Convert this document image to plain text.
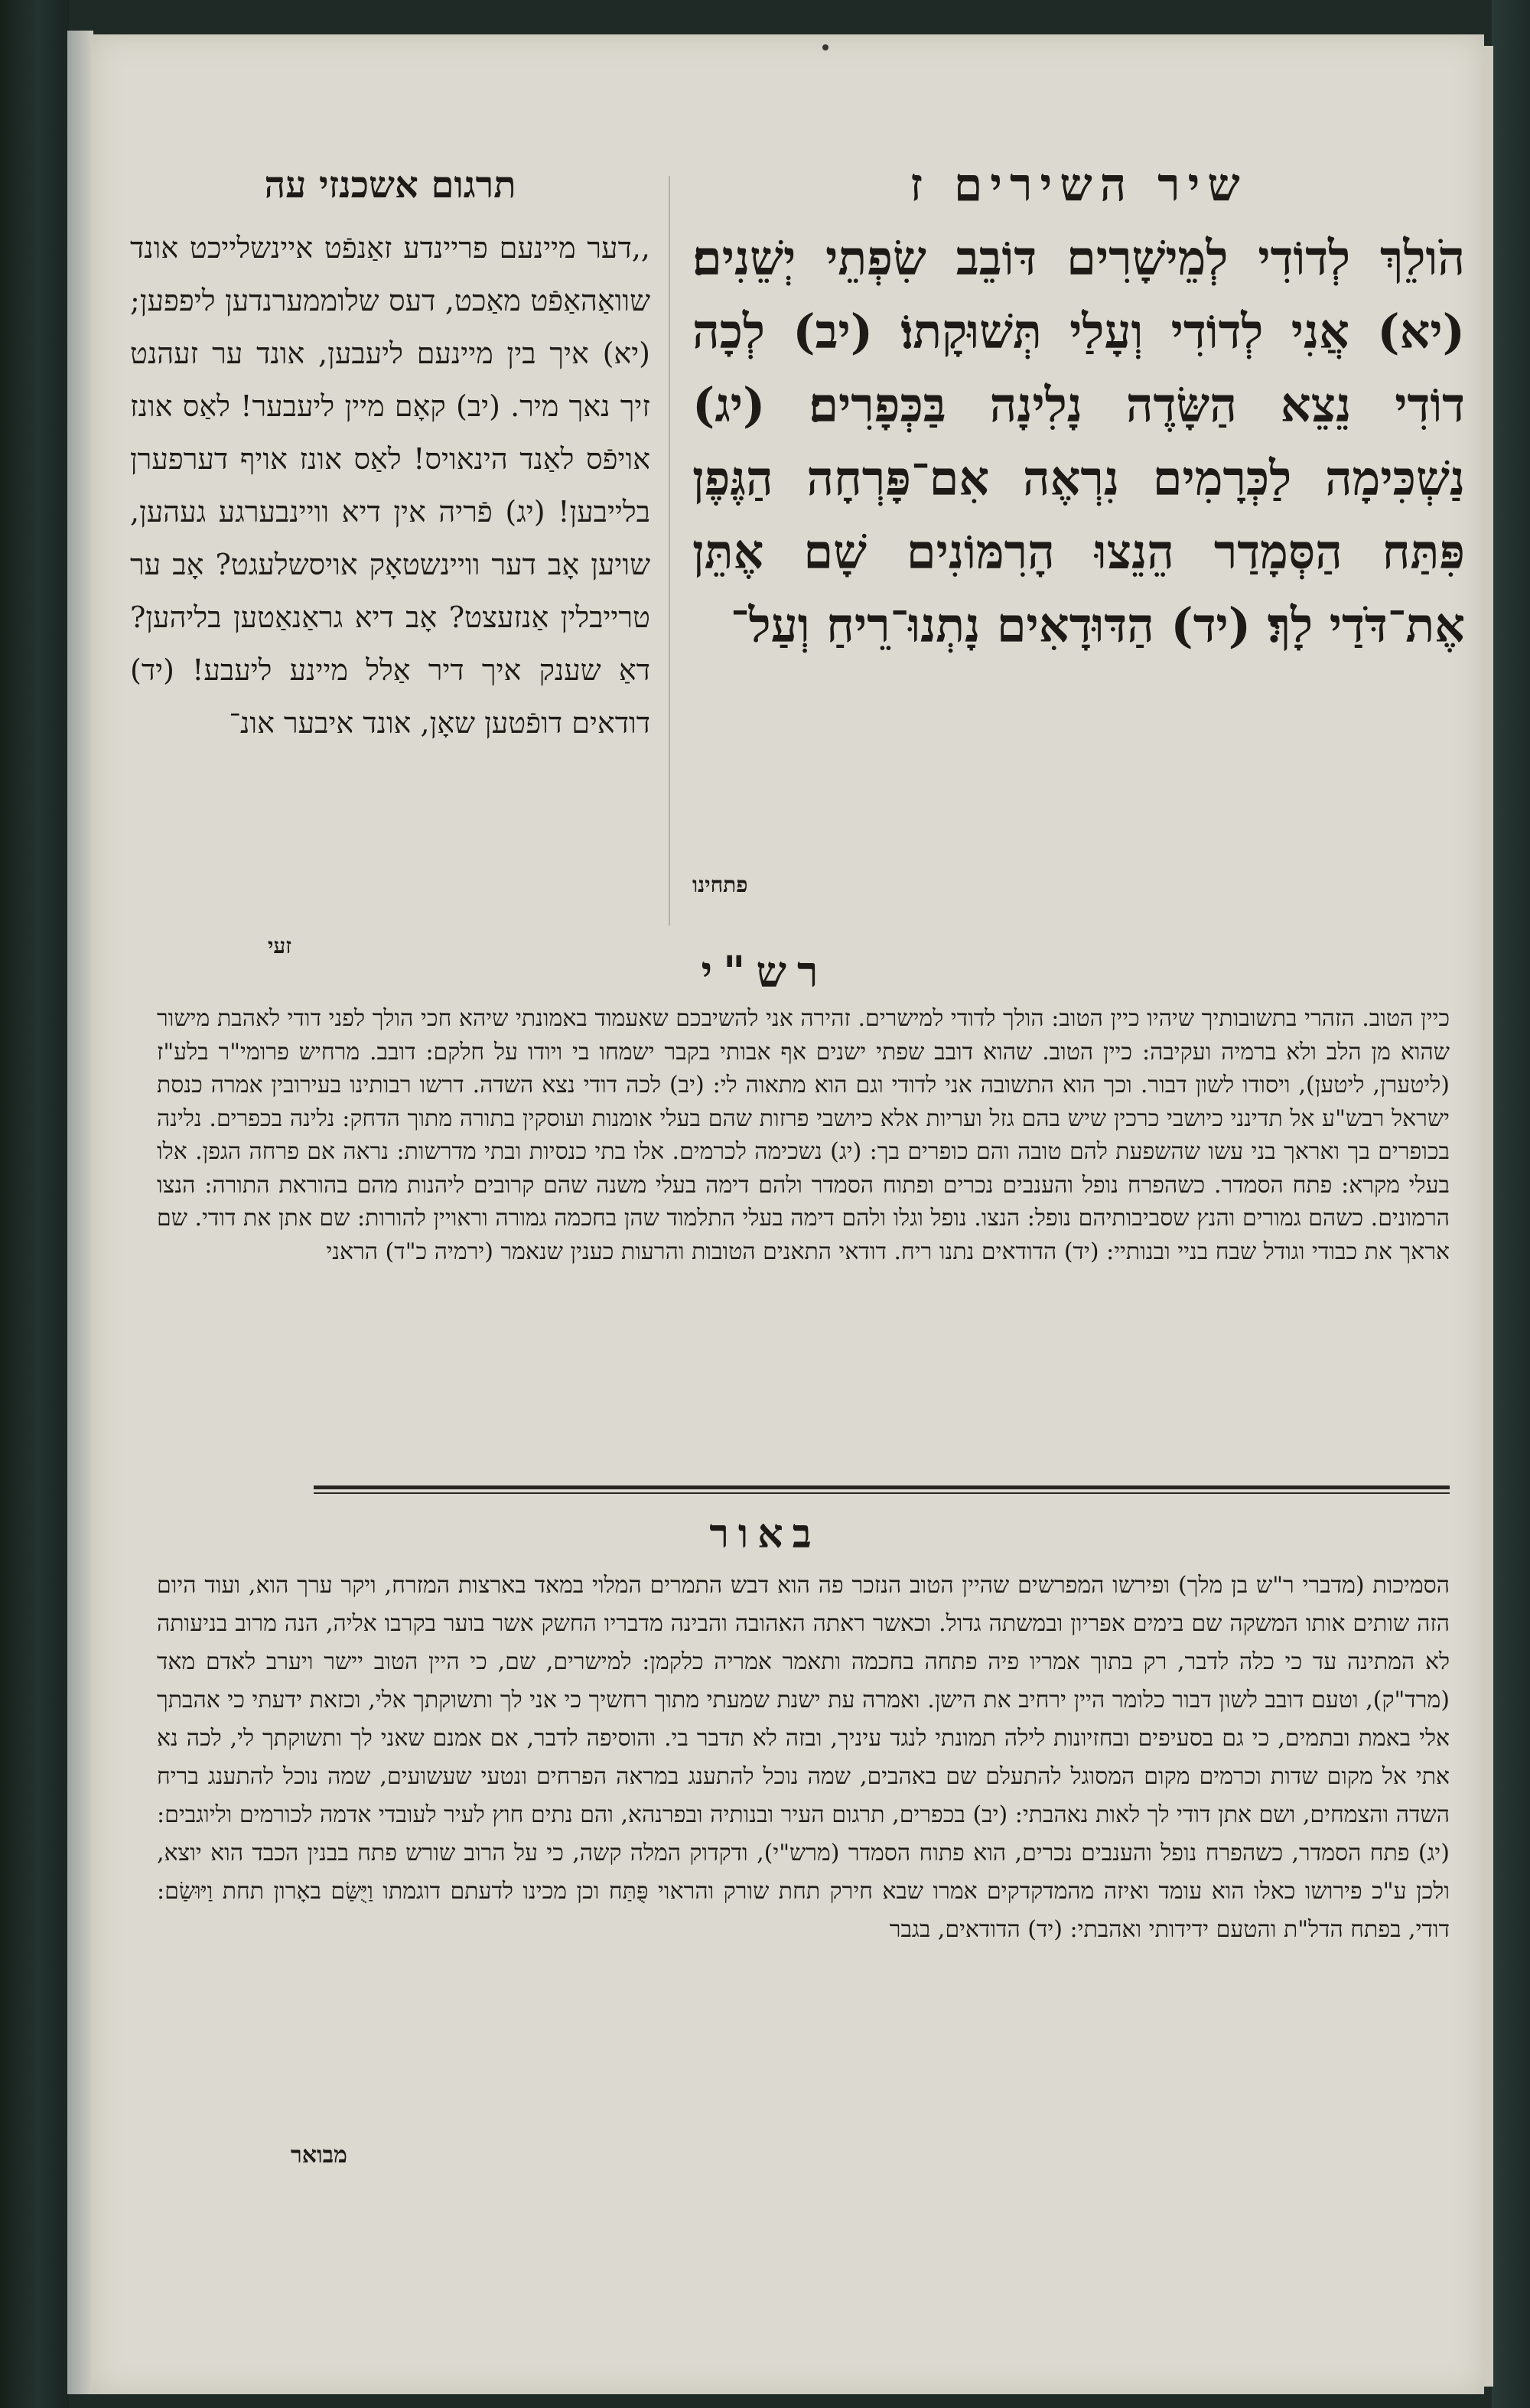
שיר השירים ז

הֹולֵךְ לְדוֹדִי לְמֵישָׁרִים דּוֹבֵב שִׂפְתֵי יְשֵׁנִים׃ (יא) אֲנִי לְדוֹדִי וְעָלַי תְּשׁוּקָתוֹ׃ (יב) לְכָה דוֹדִי נֵצֵא הַשָּׂדֶה נָלִינָה בַּכְּפָרִים׃ (יג) נַשְׁכִּימָה לַכְּרָמִים נִרְאֶה אִם־פָּרְחָה הַגֶּפֶן פִּתַּח הַסְּמָדַר הֵנֵצוּ הָרִמּוֹנִים שָׁם אֶתֵּן אֶת־דֹּדַי לָךְ׃ (יד) הַדּוּדָאִים נָתְנוּ־רֵיחַ וְעַל־

תרגום אשכנזי עה

,,דער מיינעם פריינדע זאַנפֿט איינשלייכט אונד שוואַהאַפֿט מאַכט, דעס שלוממערנדען ליפפען; (יא) איך בין מיינעם ליעבען, אונד ער זעהנט זיך נאך מיר. (יב) קאָם מיין ליעבער! לאַס אונז אויפֿס לאַנד הינאויס! לאַס אונז אויף דערפערן בלייבען! (יג) פֿריה אין דיא וויינבערגע געהען, שויען אָב דער וויינשטאָק אויסשלעגט? אָב ער טרייבלין אַנזעצט? אָב דיא גראַנאַטען בליהען? דאַ שענק איך דיר אַלל מיינע ליעבע! (יד) דודאים דופֿטען שאָן, אונד איבער אונ־

פתחינו
זעי
רש"י

כיין הטוב. הזהרי בתשובותיך שיהיו כיין הטוב: הולך לדודי למישרים. זהירה אני להשיבכם שאעמוד באמונתי שיהא חכי הולך לפני דודי לאהבת מישור שהוא מן הלב ולא ברמיה ועקיבה: כיין הטוב. שהוא דובב שפתי ישנים אף אבותי בקבר ישמחו בי ויודו על חלקם: דובב. מרחיש פרומי"ר בלע"ז (ליטערן, ליטען), ויסודו לשון דבור. וכך הוא התשובה אני לדודי וגם הוא מתאוה לי: (יב) לכה דודי נצא השדה. דרשו רבותינו בעירובין אמרה כנסת ישראל רבש"ע אל תדינני כיושבי כרכין שיש בהם גזל ועריות אלא כיושבי פרזות שהם בעלי אומנות ועוסקין בתורה מתוך הדחק: נלינה בכפרים. נלינה בכופרים בך ואראך בני עשו שהשפעת להם טובה והם כופרים בך: (יג) נשכימה לכרמים. אלו בתי כנסיות ובתי מדרשות: נראה אם פרחה הגפן. אלו בעלי מקרא: פתח הסמדר. כשהפרח נופל והענבים נכרים ופתוח הסמדר ולהם דימה בעלי משנה שהם קרובים ליהנות מהם בהוראת התורה: הנצו הרמונים. כשהם גמורים והנץ שסביבותיהם נופל: הנצו. נופל וגלו ולהם דימה בעלי התלמוד שהן בחכמה גמורה וראויין להורות: שם אתן את דודי. שם אראך את כבודי וגודל שבח בניי ובנותיי: (יד) הדודאים נתנו ריח. דודאי התאנים הטובות והרעות כענין שנאמר (ירמיה כ"ד) הראני

באור

הסמיכות (מדברי ר"ש בן מלך) ופירשו המפרשים שהיין הטוב הנזכר פה הוא דבש התמרים המלוי במאד בארצות המזרח, ויקר ערך הוא, ועוד היום הזה שותים אותו המשקה שם בימים אפריון ובמשתה גדול. וכאשר ראתה האהובה והבינה מדבריו החשק אשר בוער בקרבו אליה, הנה מרוב בניעותה לא המתינה עד כי כלה לדבר, רק בתוך אמריו פיה פתחה בחכמה ותאמר אמריה כלקמן: למישרים, שם, כי היין הטוב יישר ויערב לאדם מאד (מרד"ק), וטעם דובב לשון דבור כלומר היין ירחיב את הישן. ואמרה עת ישנת שמעתי מתוך רחשיך כי אני לך ותשוקתך אלי, וכזאת ידעתי כי אהבתך אלי באמת ובתמים, כי גם בסעיפים ובחזיונות לילה תמונתי לנגד עיניך, ובזה לא תדבר בי. והוסיפה לדבר, אם אמנם שאני לך ותשוקתך לי, לכה נא אתי אל מקום שדות וכרמים מקום המסוגל להתעלם שם באהבים, שמה נוכל להתענג במראה הפרחים ונטעי שעשועים, שמה נוכל להתענג בריח השדה והצמחים, ושם אתן דודי לך לאות נאהבתי: (יב) בכפרים, תרגום העיר ובנותיה ובפרנהא, והם נתים חוץ לעיר לעובדי אדמה לכורמים וליוגבים: (יג) פתח הסמדר, כשהפרח נופל והענבים נכרים, הוא פתוח הסמדר (מרש"י), ודקדוק המלה קשה, כי על הרוב שורש פתח בבנין הכבד הוא יוצא, ולכן ע"כ פירושו כאלו הוא עומד ואיזה מהמדקדקים אמרו שבא חירק תחת שורק והראוי פֻּתַּח וכן מכינו לדעתם דוגמתו וַיֻּשַּׂם באָרון תחת וַיּוּשַׂם: דודי, בפתח הדל"ת והטעם ידידותי ואהבתי: (יד) הדודאים, בגבר

מבואר
